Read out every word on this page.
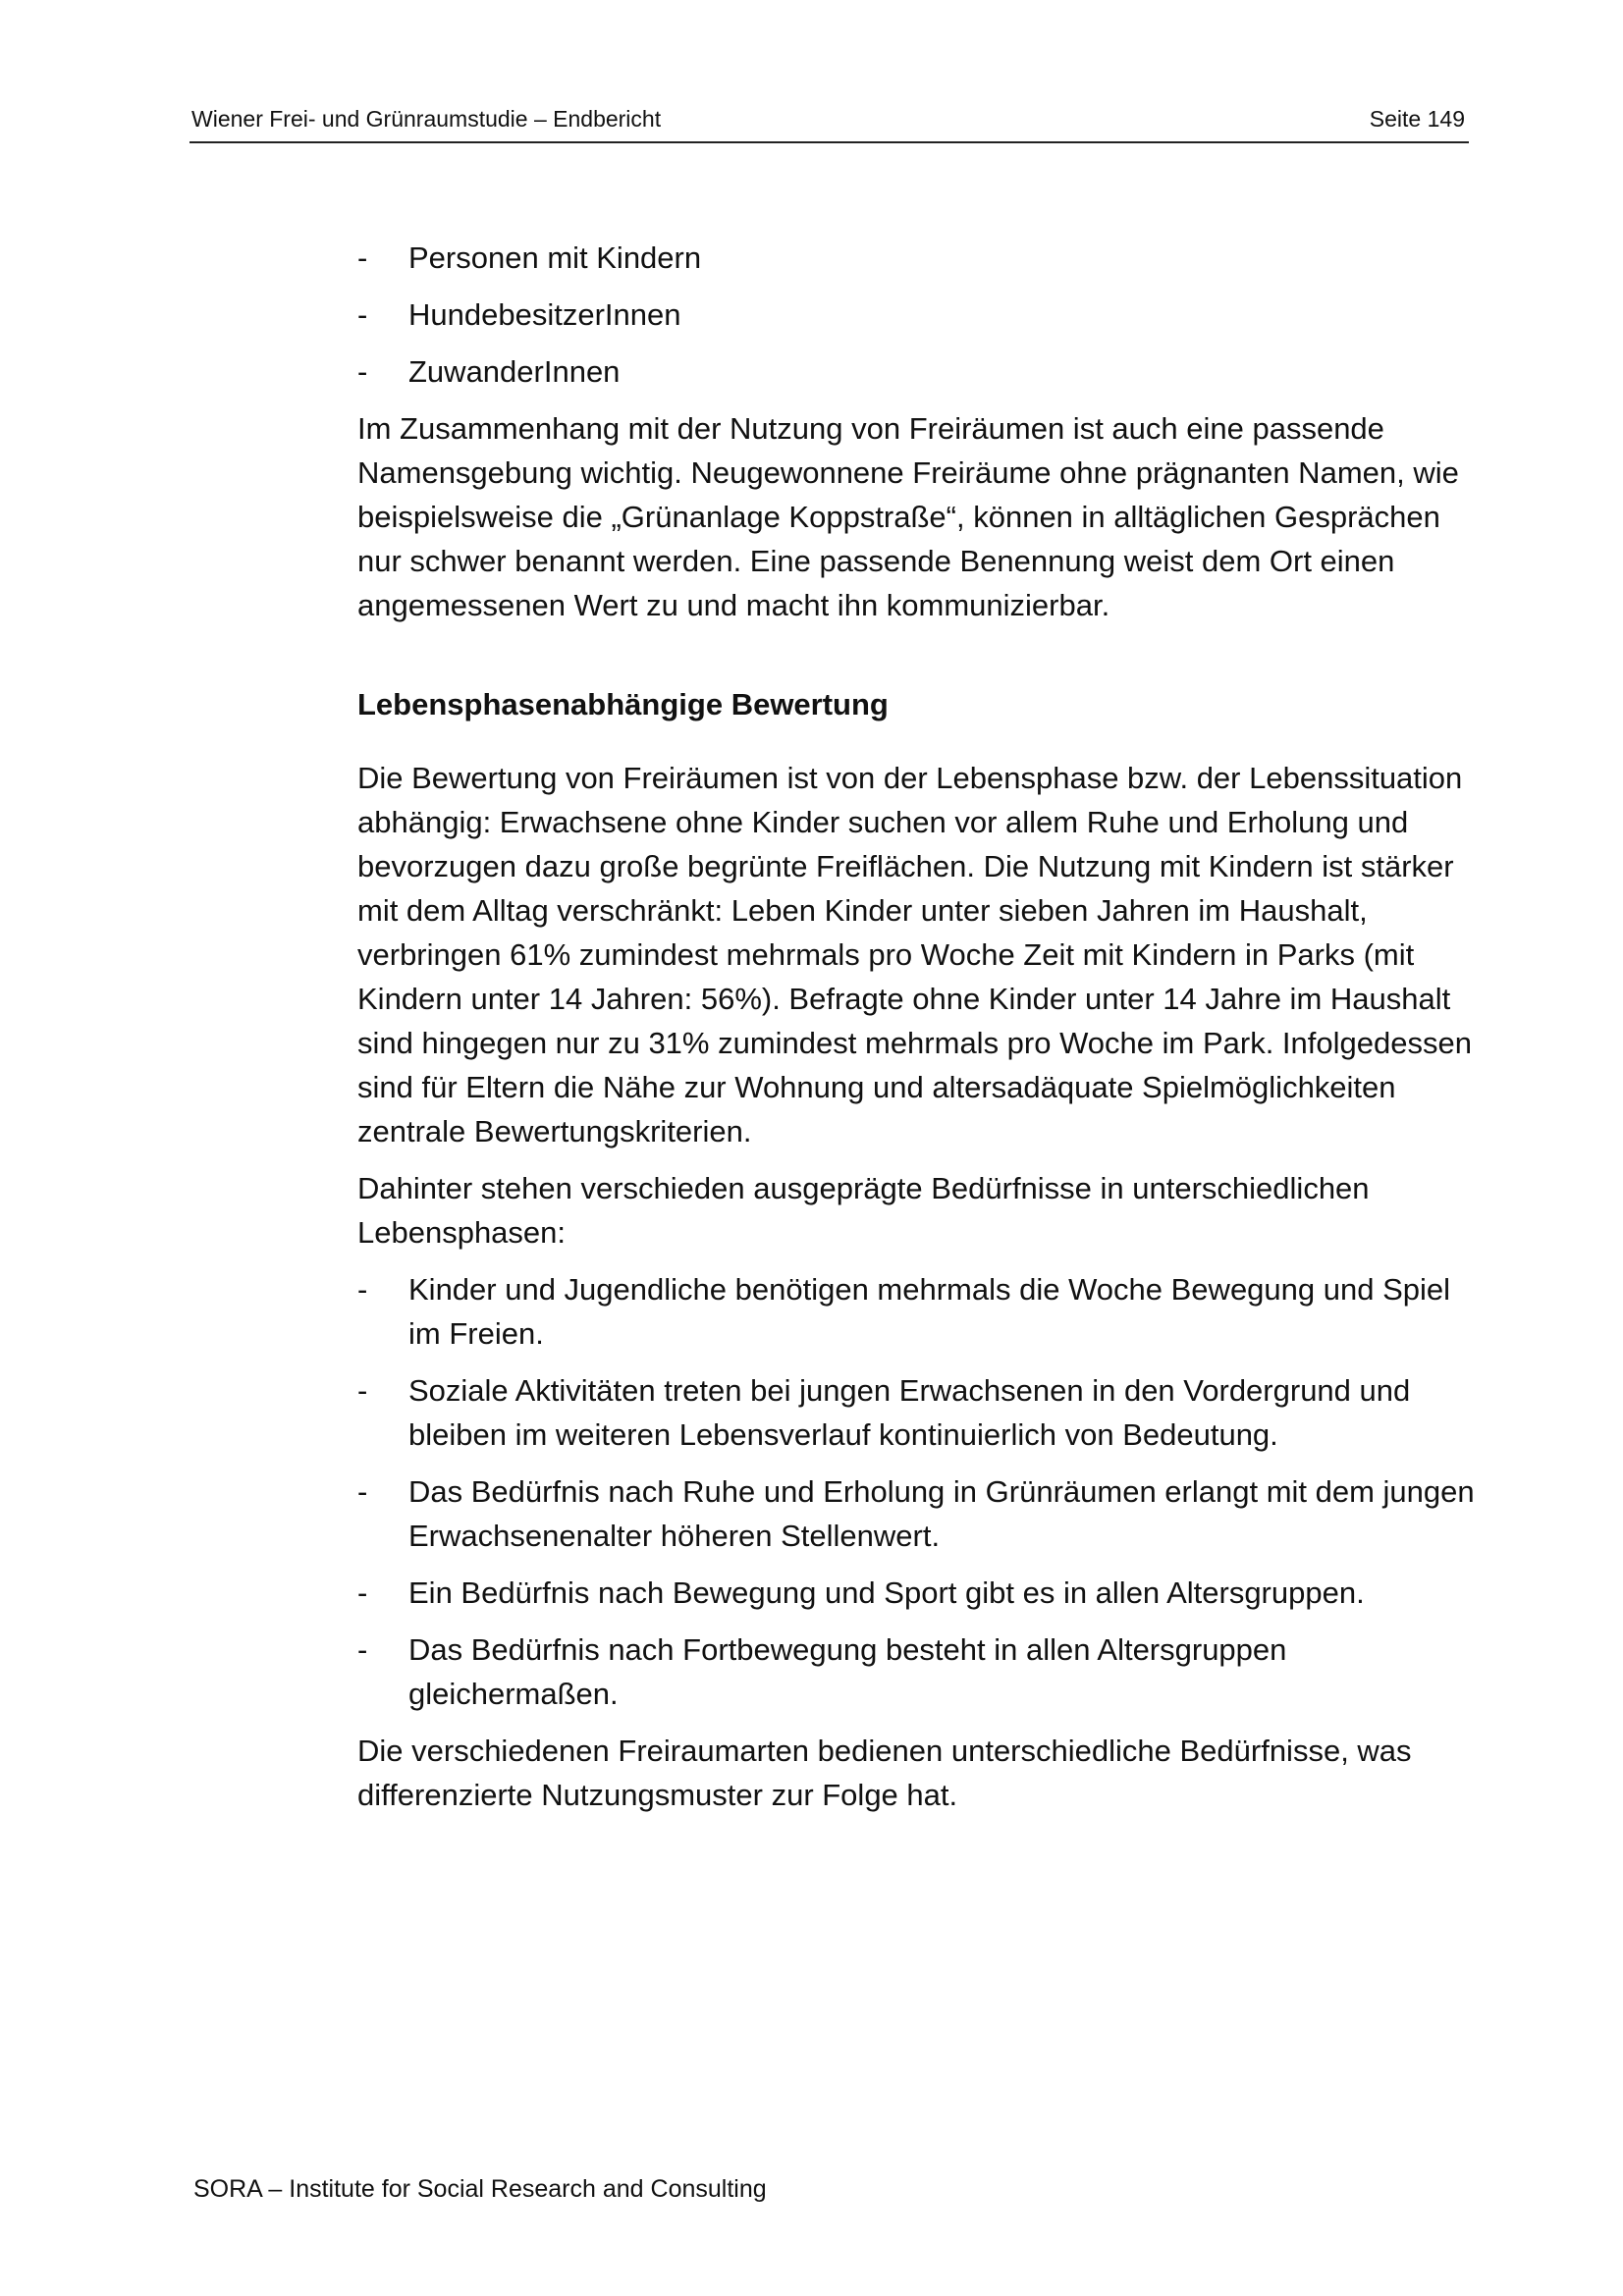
Wiener Frei- und Grünraumstudie – Endbericht	Seite 149
- Personen mit Kindern
- HundebesitzerInnen
- ZuwanderInnen

Im Zusammenhang mit der Nutzung von Freiräumen ist auch eine passende Namensgebung wichtig. Neugewonnene Freiräume ohne prägnanten Namen, wie beispielsweise die „Grünanlage Koppstraße“, können in alltäglichen Gesprächen nur schwer benannt werden. Eine passende Benennung weist dem Ort einen angemessenen Wert zu und macht ihn kommunizierbar.

Lebensphasenabhängige Bewertung

Die Bewertung von Freiräumen ist von der Lebensphase bzw. der Lebenssituation abhängig: Erwachsene ohne Kinder suchen vor allem Ruhe und Erholung und bevorzugen dazu große begrünte Freiflächen. Die Nutzung mit Kindern ist stärker mit dem Alltag verschränkt: Leben Kinder unter sieben Jahren im Haushalt, verbringen 61% zumindest mehrmals pro Woche Zeit mit Kindern in Parks (mit Kindern unter 14 Jahren: 56%). Befragte ohne Kinder unter 14 Jahre im Haushalt sind hingegen nur zu 31% zumindest mehrmals pro Woche im Park. Infolgedessen sind für Eltern die Nähe zur Wohnung und altersadäquate Spielmöglichkeiten zentrale Bewertungskriterien.

Dahinter stehen verschieden ausgeprägte Bedürfnisse in unterschiedlichen Lebensphasen:

- Kinder und Jugendliche benötigen mehrmals die Woche Bewegung und Spiel im Freien.
- Soziale Aktivitäten treten bei jungen Erwachsenen in den Vordergrund und bleiben im weiteren Lebensverlauf kontinuierlich von Bedeutung.
- Das Bedürfnis nach Ruhe und Erholung in Grünräumen erlangt mit dem jungen Erwachsenenalter höheren Stellenwert.
- Ein Bedürfnis nach Bewegung und Sport gibt es in allen Altersgruppen.
- Das Bedürfnis nach Fortbewegung besteht in allen Altersgruppen gleichermaßen.

Die verschiedenen Freiraumarten bedienen unterschiedliche Bedürfnisse, was differenzierte Nutzungsmuster zur Folge hat.

SORA – Institute for Social Research and Consulting
